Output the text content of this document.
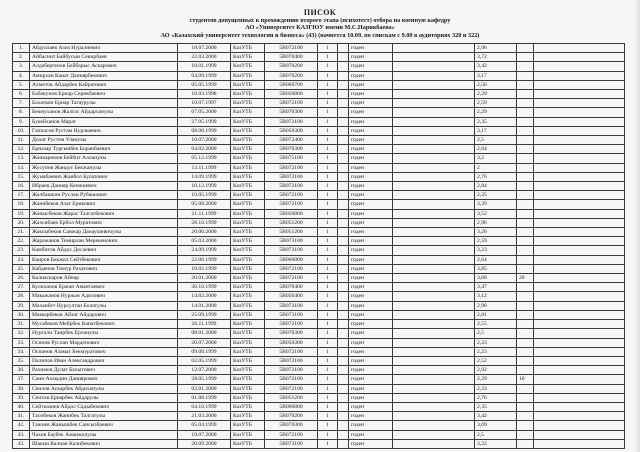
ПИСОК
студентов допущенных к прохождению второго этапа (психотест) отбора на военную кафедру
АО «Университет КАЗГЮУ имени М.С.Нарикбаева»
АО «Казахский университет технологии и бизнеса» (43) (начнется 10.09. по спискам с 9.00 в аудиториях 320 и 322)
1.	Абдуллаев Азиз Нуралиевич	18.07.2000	КазУТБ	5В072100	1		годен		2,96		
2.	Айбасинт Байбусын Секирбаев	22.03.2000	КазУТБ	5В070400	1		годен		3,72		
3.	Алдабергенов Бейбарыс Аскарович	10.01.1999	КазУТБ	5В070200	1		годен		3,42		
4.	Амирхан Канат Даниярбекович	04.09.1999	КазУТБ	5В070200	1		годен		3,17		
5.	Ахметов Айдарбек Кайратович	05.05.1999	КазУТБ	5В060700	1		годен		2,56		
6.	Бабакунов Ернар Серикбаевич	16.03.1998	КазУТБ	5В050800	1		годен		2,29		
7.	Бахаткон Ернар Тагаурулы	10.07.1997	КазУТБ	5В072100	1		годен		2,59		
8.	Бекмуханов Жалгас Айдарханулы	07.05.2000	КазУТБ	5В070300	1		годен		2,29		
9.	Букейханов Марат	27.05.1999	КазУТБ	5В072100	1		годен		2,35		
10.	Гаппасов Рустам Нурлыевич	08.06.1999	КазУТБ	5В050300	1		годен		3,17		
11.	Долат Рустем Уланулы	10.07.2000	КазУТБ	5В072400	1		годен		2,5		
12.	Ерназар Тургынбек Боранбаевич	04.02.2000	КазУТБ	5В070300	1		годен		2,64		
13.	Жанкаримов Бейбит Алланулы	05.12.1999	КазУТБ	5В075100	1		годен		3,2		
14.	Жусупов Жандос Бекжанулы	13.11.1999	КазУТБ	5В072100	1		годен		2		
15.	Жумабаевич Жанбол Булатович	14.09.1999	КазУТБ	5В072100	1		годен		2,76		
16.	Ибраев Данияр Кенжиевич	10.12.1999	КазУТБ	5В072100	1		годен		2,84		
17.	Жалбашкин Руслан Рубашович	10.05.1999	КазУТБ	5В072100	1		годен		2,35		
18.	Жанибеков Азат Ерикович	05.08.2000	КазУТБ	5В072100	1		годен		3,39		
19.	Жанысбеков Жарас Талгатбекович	21.11.1999	КазУТБ	5В050800	1		годен		3,52		
20.	Жахсибаев Ербол Муратович	28.10.1999	КазУТБ	5В051200	1		годен		2,96		
21.	Жаксыбеков Санжар Данаушевичулы	20.06.2000	КазУТБ	5В051200	1		годен		3,26		
22.	Жаражанов Темирлан Мерекенович	05.03.2000	КазУТБ	5В073100	1		годен		2,59		
23.	Камбитов Айдос Досаевич	24.09.1999	КазУТБ	5В073100	1		годен		3,23		
24.	Каиров Бекжол Сейтбекович	22.06.1999	КазУТБ	5В060800	1		годен		2,64		
25.	Кабденов Тимур Рахатович	10.02.1999	КазУТБ	5В072100	1		годен		3,85		
26.	Калиаскаров Айнар	20.01.2000	КазУТБ	5В072100	1		годен		3,68	20	
27.	Кулиханов Ержан Амантаевич	30.10.1999	КазУТБ	5В070400	1		годен		3,47		
28.	Макажанов Нуржан Адилович	14.02.2000	КазУТБ	5В050400	1		годен		3,12		
29.	Маханбет Нурсултан Болатулы	14.01.2000	КазУТБ	5В073100	1		годен		2,96		
30.	Мамырбеков Айзат Айдарович	25.09.1999	КазУТБ	5В073100	1		годен		2,81		
31.	Мусабеков Мейрбек Канатбекович	26.11.1999	КазУТБ	5В072100	1		годен		2,55		
32.	Нургали Таирбек Ерланулы	08.01.2000	КазУТБ	5В070300	1		годен		2,5		
33.	Осипов Руслан Марденович	20.07.2000	КазУТБ	5В050300	1		годен		2,23		
34.	Оспанов Азамат Бекмуратович	09.09.1999	КазУТБ	5В072100	1		годен		2,23		
35.	Палипов Иван Александрович	02.05.1999	КазУТБ	5В072100	1		годен		2,52		
36.	Рахимов Дулат Бахытович	12.07.2000	КазУТБ	5В072100	1		годен		2,92		
37.	Саин Ахмадин Даниярович	28.05.1999	КазУТБ	5В072100	1		годен		2,29	10	
38.	Сеилов Аскарбек Абдиханулы	02.01.2000	КазУТБ	5В072100	1		годен		2,33		
39.	Сеитов Ернарбек Айдарулы	01.08.1999	КазУТБ	5В051200	1		годен		2,76		
40.	Сейтказиев Айдос Садыбекович	04.10.1999	КазУТБ	5В060800	1		годен		2,35		
41.	Тасибеков Жанибек Талгатулы	21.03.2000	КазУТБ	5В070200	1		годен		3,42		
42.	Тажиев Жанышбек Сансызбаевич	05.04.1999	КазУТБ	5В070300	1		годен		3,69		
43.	Чахов Баубек Аманжолулы	19.07.2000	КазУТБ	5В072100	1		годен		2,5		
43.	Шакин Калиан Калибекович	20.09.2000	КазУТБ	5В073100	1		годен		3,22		
